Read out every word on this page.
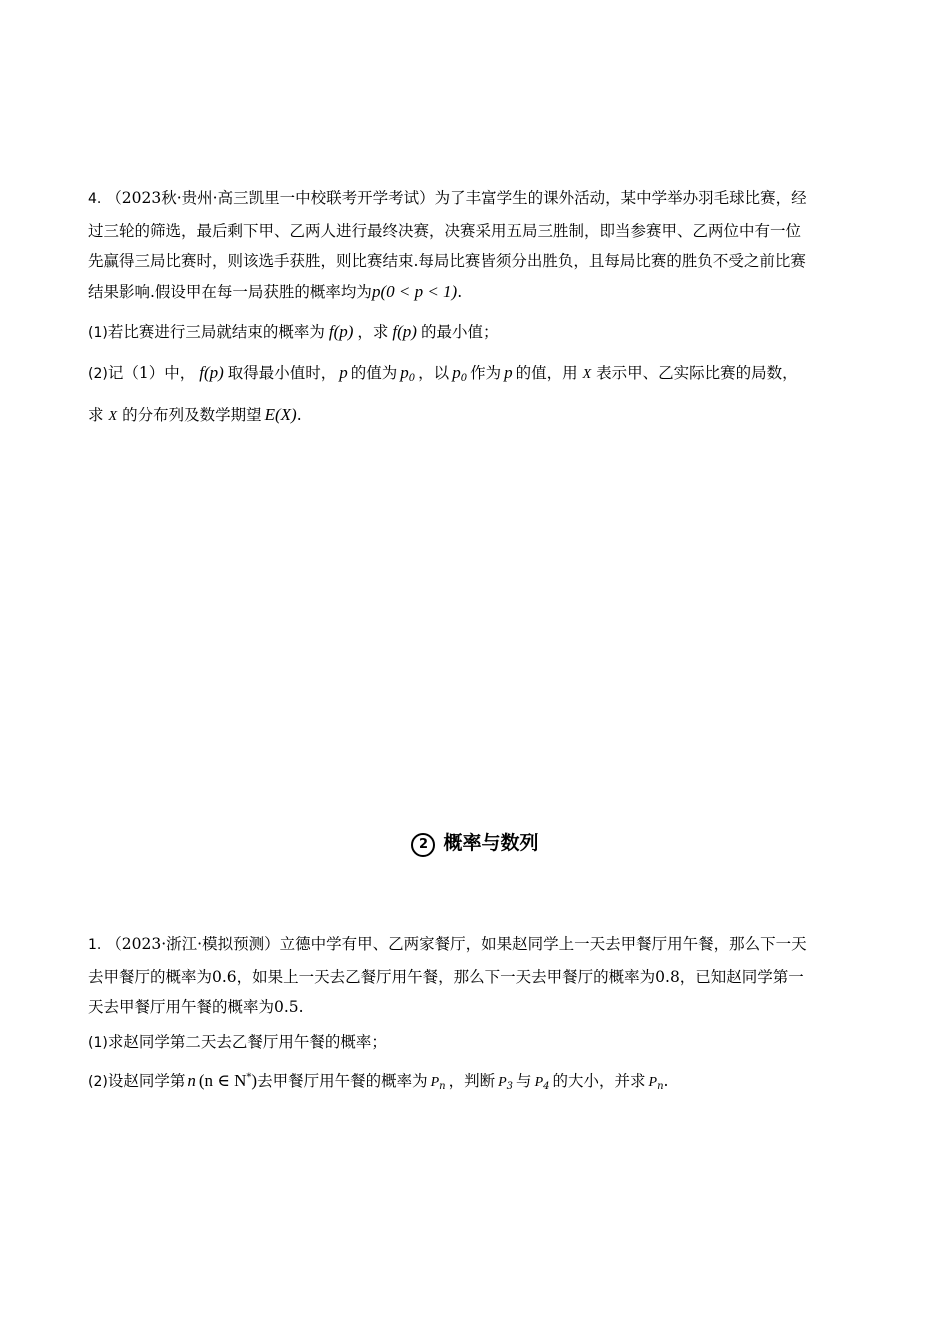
4. （2023秋·贵州·高三凯里一中校联考开学考试）为了丰富学生的课外活动，某中学举办羽毛球比赛，经
过三轮的筛选，最后剩下甲、乙两人进行最终决赛，决赛采用五局三胜制，即当参赛甲、乙两位中有一位
先赢得三局比赛时，则该选手获胜，则比赛结束.每局比赛皆须分出胜负，且每局比赛的胜负不受之前比赛
结果影响.假设甲在每一局获胜的概率均为p(0 < p < 1).
(1)若比赛进行三局就结束的概率为 f(p) ，求 f(p) 的最小值；
(2)记（1）中， f(p) 取得最小值时， p 的值为 $p_0$ ，以 $p_0$ 作为 p 的值，用 X 表示甲、乙实际比赛的局数，
求 X 的分布列及数学期望 E(X).
2 概率与数列
1. （2023·浙江·模拟预测）立德中学有甲、乙两家餐厅，如果赵同学上一天去甲餐厅用午餐，那么下一天
去甲餐厅的概率为0.6，如果上一天去乙餐厅用午餐，那么下一天去甲餐厅的概率为0.8，已知赵同学第一
天去甲餐厅用午餐的概率为0.5.
(1)求赵同学第二天去乙餐厅用午餐的概率；
(2)设赵同学第 n (n ∈ N*)去甲餐厅用午餐的概率为 $P_n$ ，判断 $P_3$ 与 $P_4$ 的大小，并求 $P_n$.
